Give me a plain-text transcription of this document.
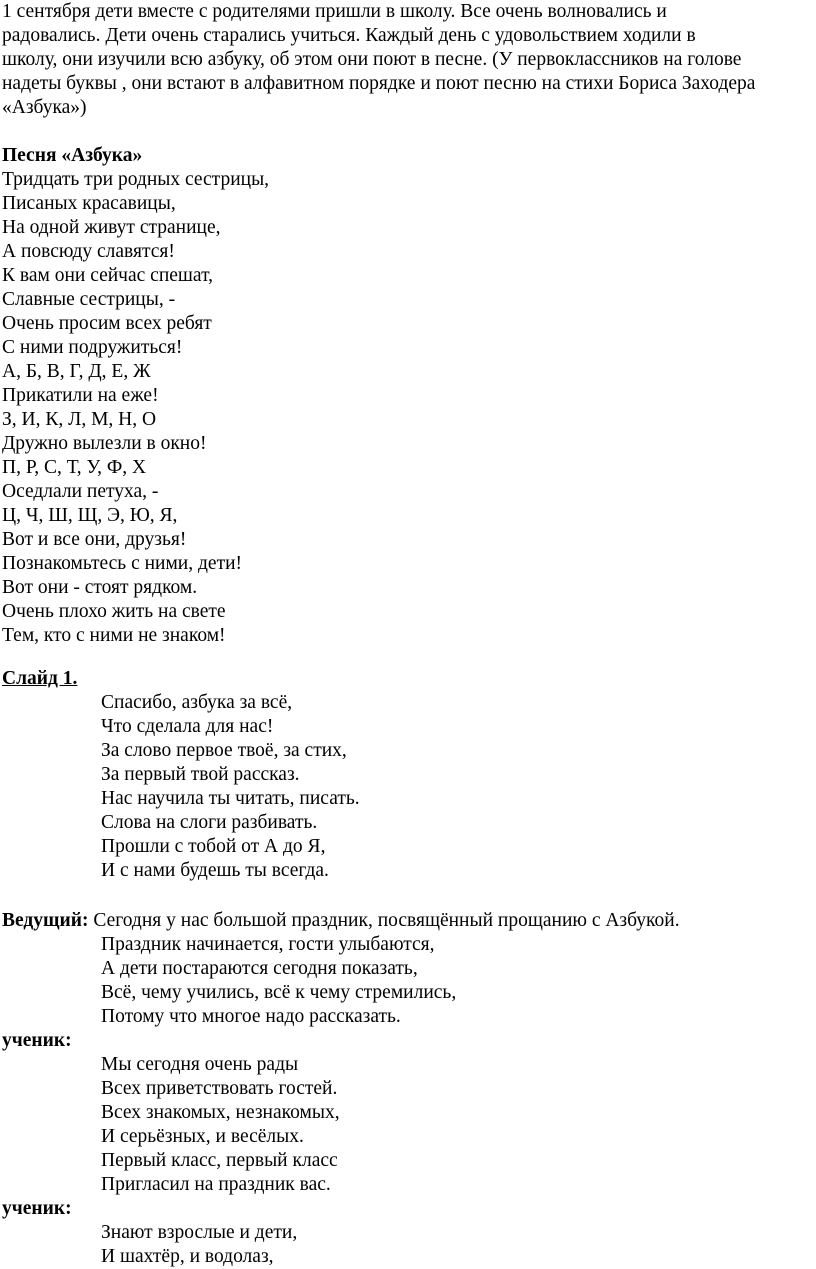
1 сентября дети вместе с родителями пришли в школу. Все очень волновались и
радовались. Дети очень старались учиться. Каждый день с удовольствием ходили в
школу, они изучили всю азбуку, об этом они поют в песне. (У первоклассников на голове
надеты буквы , они встают в алфавитном порядке и поют песню на стихи Бориса Заходера
«Азбука»)
Песня «Азбука»
Тридцать три родных сестрицы,
Писаных красавицы,
На одной живут странице,
А повсюду славятся!
К вам они сейчас спешат,
Славные сестрицы, -
Очень просим всех ребят
С ними подружиться!
А, Б, В, Г, Д, Е, Ж
Прикатили на еже!
З, И, К, Л, М, Н, О
Дружно вылезли в окно!
П, Р, С, Т, У, Ф, Х
Оседлали петуха, -
Ц, Ч, Ш, Щ, Э, Ю, Я,
Вот и все они, друзья!
Познакомьтесь с ними, дети!
Вот они - стоят рядком.
Очень плохо жить на свете
Тем, кто с ними не знаком!
Слайд 1.
Спасибо, азбука за всё,
Что сделала для нас!
За слово первое твоё, за стих,
За первый твой рассказ.
Нас научила ты читать, писать.
Слова на слоги разбивать.
Прошли с тобой от А до Я,
И с нами будешь ты всегда.
Ведущий: Сегодня у нас большой праздник, посвящённый прощанию с Азбукой.
Праздник начинается, гости улыбаются,
А дети постараются сегодня показать,
Всё, чему учились, всё к чему стремились,
Потому что многое надо рассказать.
ученик:
Мы сегодня очень рады
Всех приветствовать гостей.
Всех знакомых, незнакомых,
И серьёзных, и весёлых.
Первый класс, первый класс
Пригласил на праздник вас.
ученик:
Знают взрослые и дети,
И шахтёр, и водолаз,
